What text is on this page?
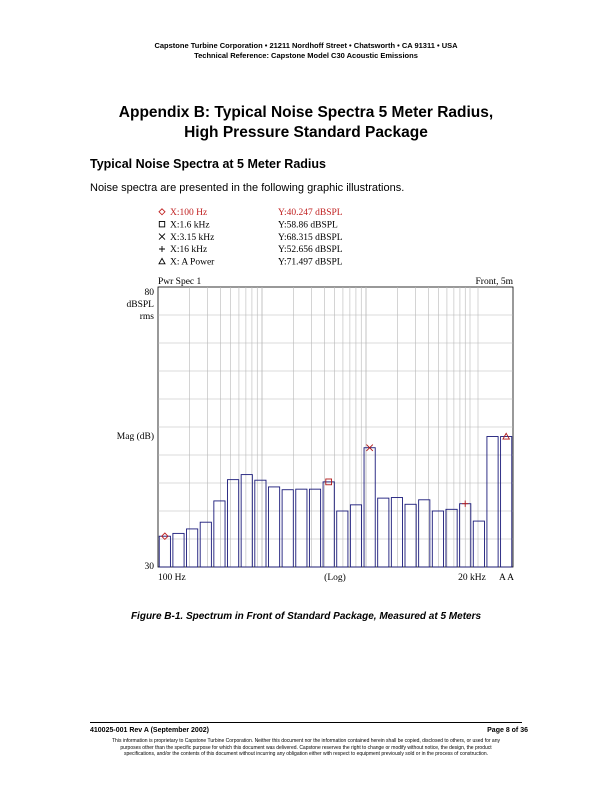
Capstone Turbine Corporation • 21211 Nordhoff Street • Chatsworth • CA 91311 • USA
Technical Reference: Capstone Model C30 Acoustic Emissions
Appendix B: Typical Noise Spectra 5 Meter Radius,
High Pressure Standard Package
Typical Noise Spectra at 5 Meter Radius
Noise spectra are presented in the following graphic illustrations.
X:100 Hz	Y:40.247 dBSPL
X:1.6 kHz	Y:58.86 dBSPL
X:3.15 kHz	Y:68.315 dBSPL
X:16 kHz	Y:52.656 dBSPL
X: A Power	Y:71.497 dBSPL
Pwr Spec 1	Front, 5m
80
dBSPL
rms
Mag (dB)
30
100 Hz	(Log)	20 kHz A A
Figure B-1. Spectrum in Front of Standard Package, Measured at 5 Meters
410025-001 Rev A (September 2002)	Page 8 of 36
This information is proprietary to Capstone Turbine Corporation. Neither this document nor the information contained herein shall be copied, disclosed to others, or used for any
purposes other than the specific purpose for which this document was delivered. Capstone reserves the right to change or modify without notice, the design, the product
specifications, and/or the contents of this document without incurring any obligation either with respect to equipment previously sold or in the process of construction.
